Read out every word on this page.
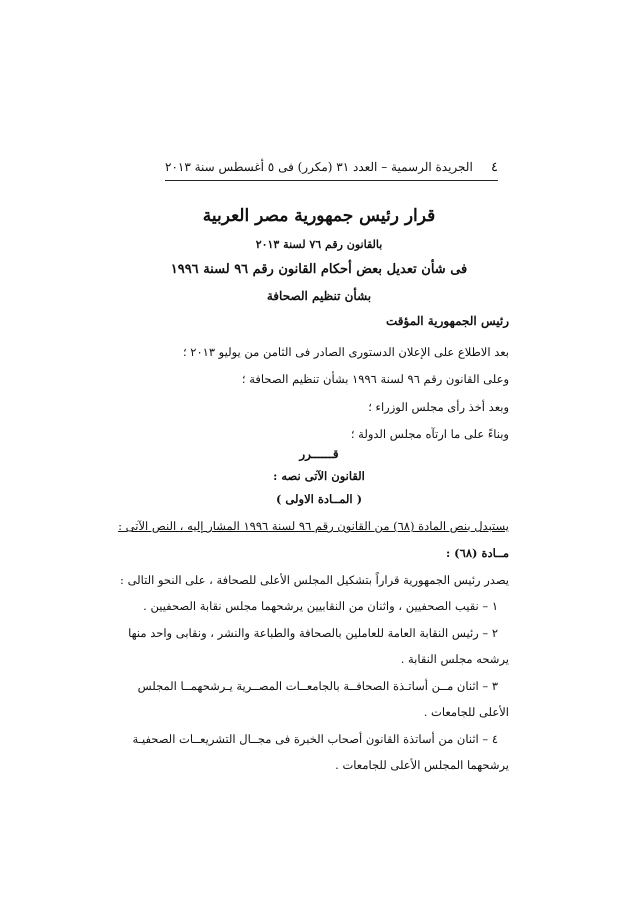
٤
الجريدة الرسمية – العدد ٣١ (مكرر) فى ٥ أغسطس سنة ٢٠١٣
قرار رئيس جمهورية مصر العربية
بالقانون رقم ٧٦ لسنة ٢٠١٣
فى شأن تعديل بعض أحكام القانون رقم ٩٦ لسنة ١٩٩٦
بشأن تنظيم الصحافة
رئيس الجمهورية المؤقت
بعد الاطلاع على الإعلان الدستورى الصادر فى الثامن من يوليو ٢٠١٣ ؛
وعلى القانون رقم ٩٦ لسنة ١٩٩٦ بشأن تنظيم الصحافة ؛
وبعد أخذ رأى مجلس الوزراء ؛
وبناءً على ما ارتآه مجلس الدولة ؛
قــــــرر
القانون الآتى نصه :
( المــادة الاولى )
يستبدل بنص المادة (٦٨) من القانون رقم ٩٦ لسنة ١٩٩٦ المشار إليه ، النص الآتى :
مــادة (٦٨) :
يصدر رئيس الجمهورية قراراً بتشكيل المجلس الأعلى للصحافة ، على النحو التالى :
١ – نقيب الصحفيين ، واثنان من النقابيين يرشحهما مجلس نقابة الصحفيين .
٢ – رئيس النقابة العامة للعاملين بالصحافة والطباعة والنشر ، ونقابى واحد منها
يرشحه مجلس النقابة .
٣ – اثنان مــن أساتـذة الصحافــة بالجامعــات المصــرية يـرشحهمــا المجلس
الأعلى للجامعات .
٤ – اثنان من أساتذة القانون أصحاب الخبرة فى مجــال التشريعــات الصحفيـة
يرشحهما المجلس الأعلى للجامعات .
